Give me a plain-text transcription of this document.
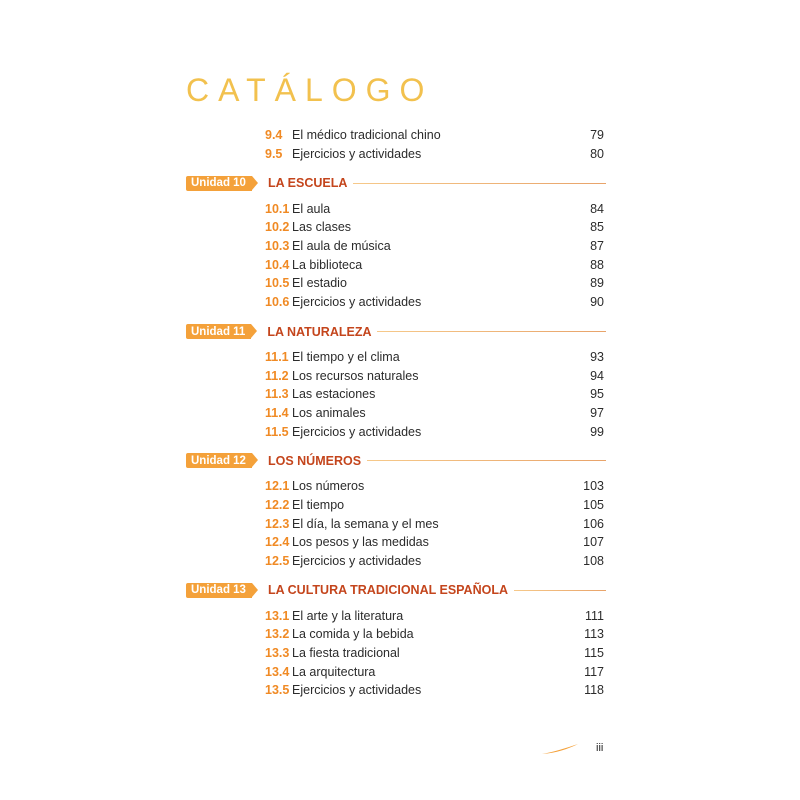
CATÁLOGO
9.4 El médico tradicional chino	79
9.5 Ejercicios y actividades	80
Unidad 10	LA ESCUELA
10.1 El aula	84
10.2 Las clases	85
10.3 El aula de música	87
10.4 La biblioteca	88
10.5 El estadio	89
10.6 Ejercicios y actividades	90
Unidad 11	LA NATURALEZA
11.1 El tiempo y el clima	93
11.2 Los recursos naturales	94
11.3 Las estaciones	95
11.4 Los animales	97
11.5 Ejercicios y actividades	99
Unidad 12	LOS NÚMEROS
12.1 Los números	103
12.2 El tiempo	105
12.3 El día, la semana y el mes	106
12.4 Los pesos y las medidas	107
12.5 Ejercicios y actividades	108
Unidad 13	LA CULTURA TRADICIONAL ESPAÑOLA
13.1 El arte y la literatura	111
13.2 La comida y la bebida	113
13.3 La fiesta tradicional	115
13.4 La arquitectura	117
13.5 Ejercicios y actividades	118
iii
